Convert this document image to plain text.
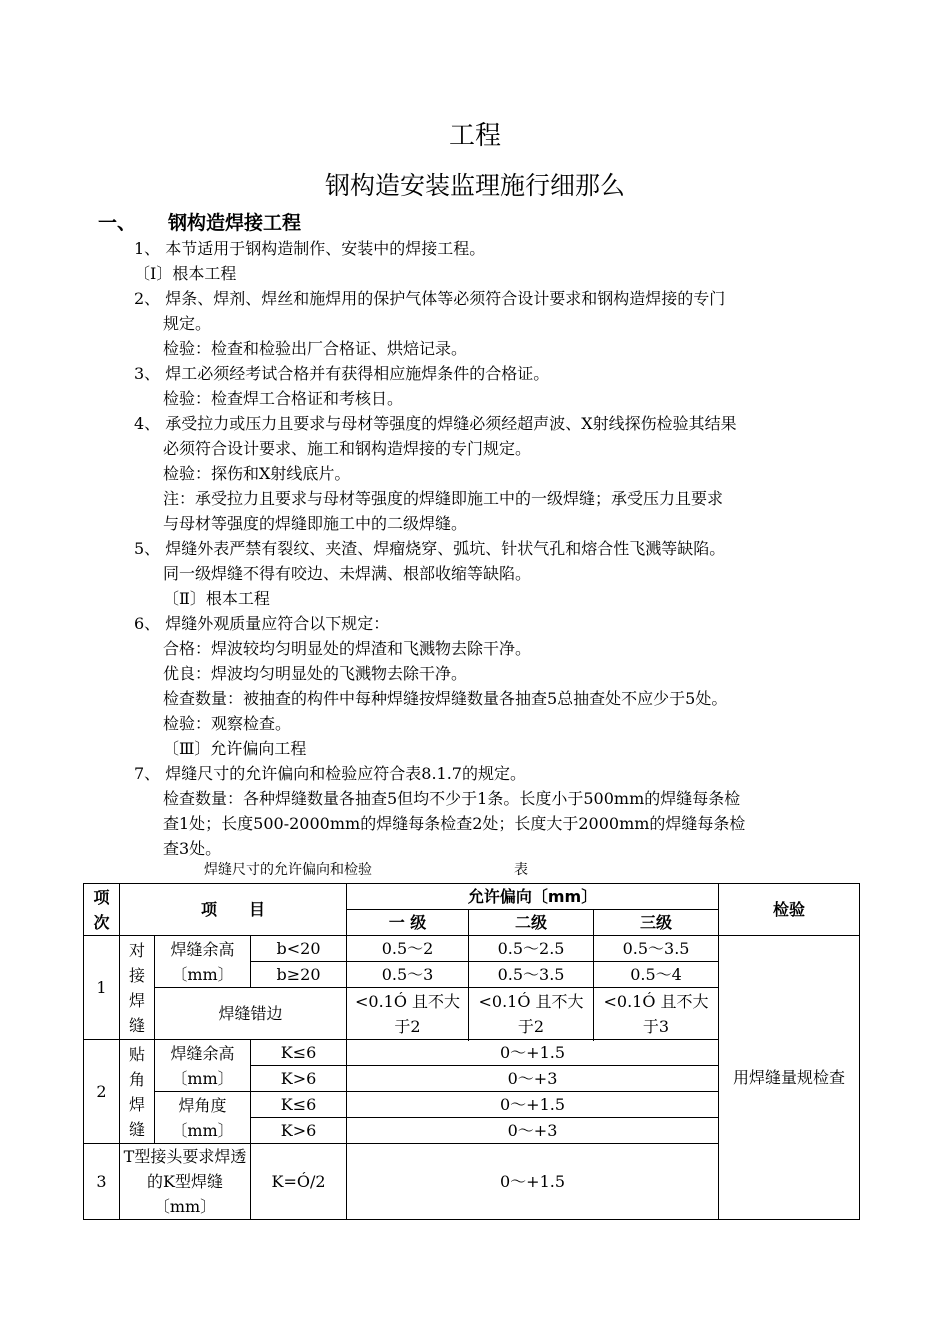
工程
钢构造安装监理施行细那么
一、 钢构造焊接工程
1、 本节适用于钢构造制作、安装中的焊接工程。
〔Ⅰ〕根本工程
2、 焊条、焊剂、焊丝和施焊用的保护气体等必须符合设计要求和钢构造焊接的专门
规定。
检验：检查和检验出厂合格证、烘焙记录。
3、 焊工必须经考试合格并有获得相应施焊条件的合格证。
检验：检查焊工合格证和考核日。
4、 承受拉力或压力且要求与母材等强度的焊缝必须经超声波、X射线探伤检验其结果
必须符合设计要求、施工和钢构造焊接的专门规定。
检验：探伤和X射线底片。
注：承受拉力且要求与母材等强度的焊缝即施工中的一级焊缝；承受压力且要求
与母材等强度的焊缝即施工中的二级焊缝。
5、 焊缝外表严禁有裂纹、夹渣、焊瘤烧穿、弧坑、针状气孔和熔合性飞溅等缺陷。
同一级焊缝不得有咬边、未焊满、根部收缩等缺陷。
〔Ⅱ〕根本工程
6、 焊缝外观质量应符合以下规定：
合格：焊波较均匀明显处的焊渣和飞溅物去除干净。
优良：焊波均匀明显处的飞溅物去除干净。
检查数量：被抽查的构件中每种焊缝按焊缝数量各抽查5总抽查处不应少于5处。
检验：观察检查。
〔Ⅲ〕允许偏向工程
7、 焊缝尺寸的允许偏向和检验应符合表8.1.7的规定。
检查数量：各种焊缝数量各抽查5但均不少于1条。长度小于500mm的焊缝每条检
查1处；长度500-2000mm的焊缝每条检查2处；长度大于2000mm的焊缝每条检
查3处。
焊缝尺寸的允许偏向和检验	表
项次	项　　目			允许偏向〔mm〕			检验
				一 级	二级	三级	
1	对接焊缝	焊缝余高〔mm〕	b<20	0.5～2	0.5～2.5	0.5～3.5	用焊缝量规检查
			b≥20	0.5～3	0.5～3.5	0.5～4	
		焊缝错边		<0.1Ó 且不大于2	<0.1Ó 且不大于2	<0.1Ó 且不大于3	

2	贴角焊缝	焊缝余高〔mm〕	K≤6	0～+1.5			
			K>6	0～+3			
		焊角度〔mm〕	K≤6	0～+1.5			
			K>6	0～+3			
3	T型接头要求焊透的K型焊缝〔mm〕		K=Ó/2	0～+1.5			
